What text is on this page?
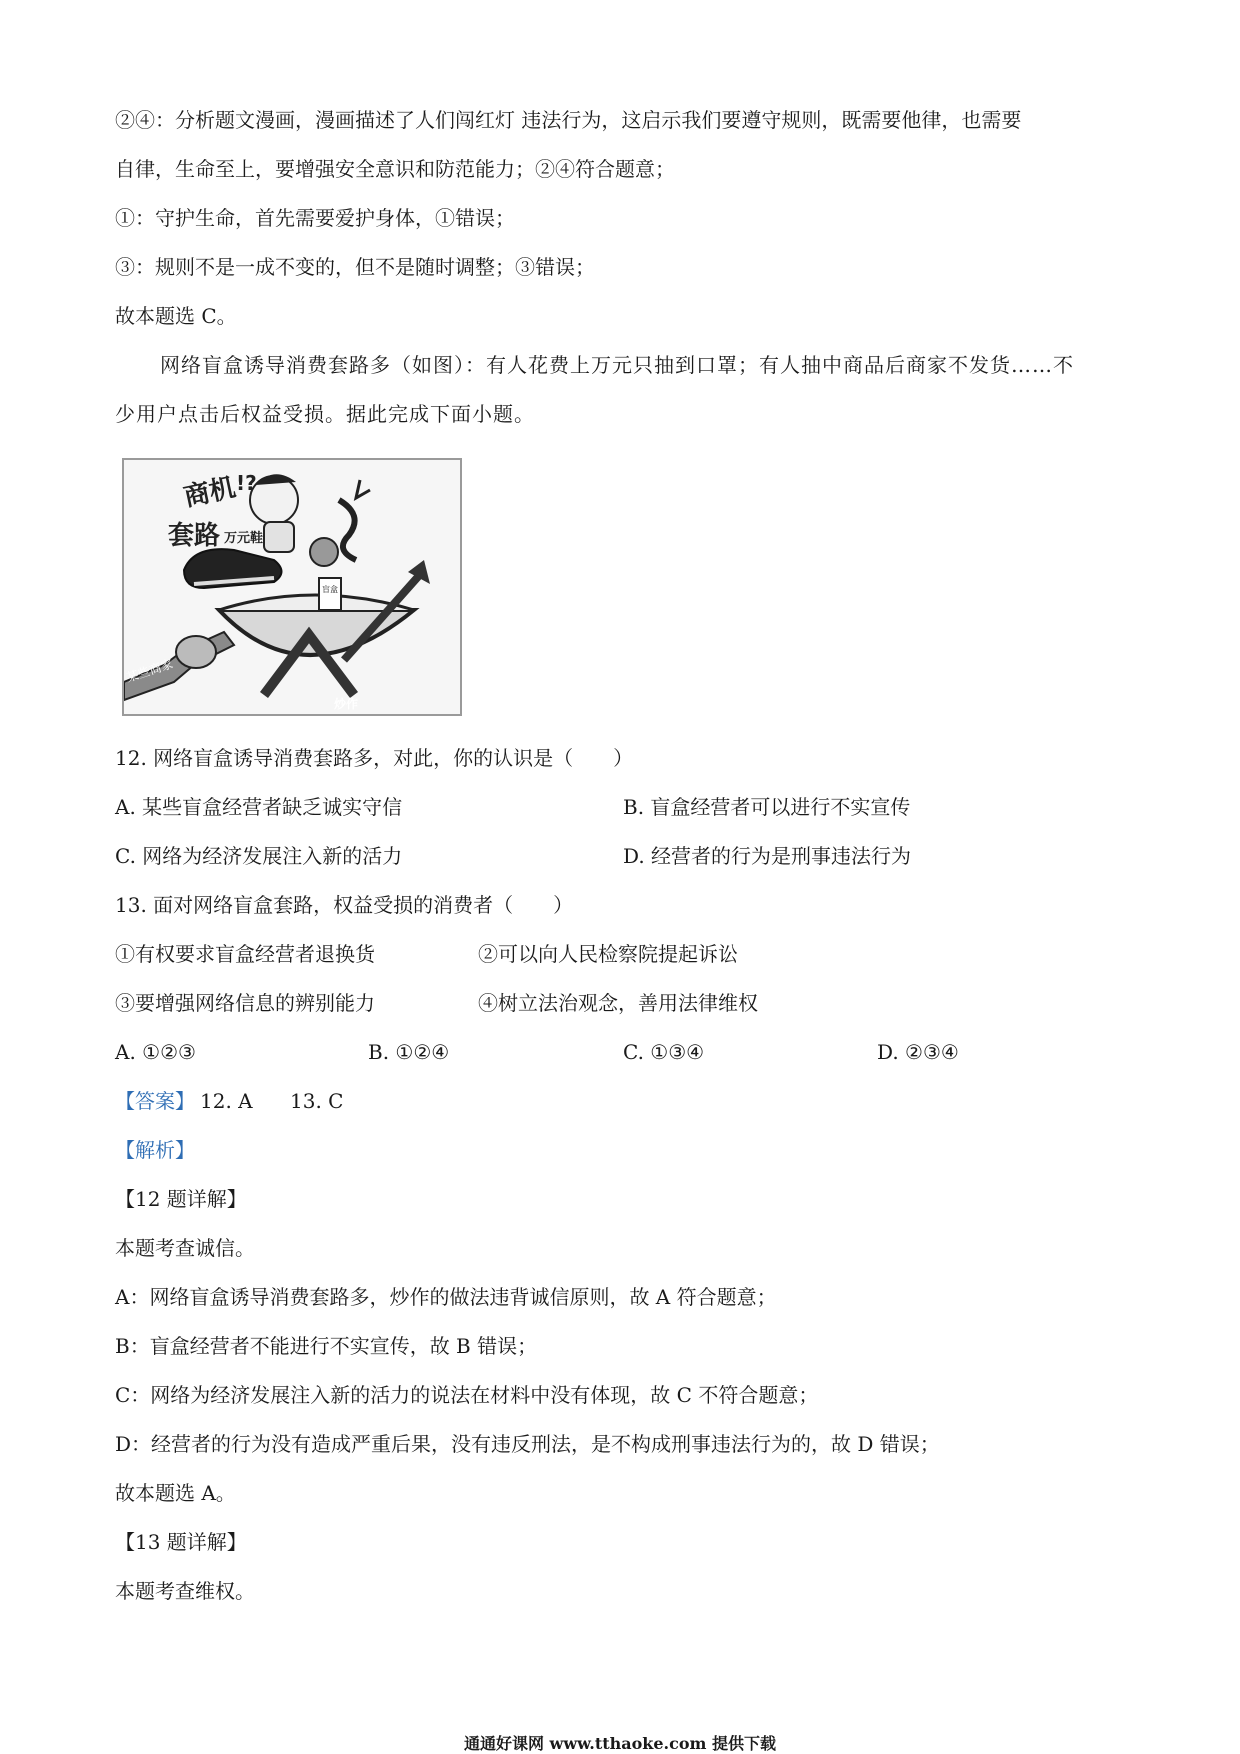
②④：分析题文漫画，漫画描述了人们闯红灯 违法行为，这启示我们要遵守规则，既需要他律，也需要
自律，生命至上，要增强安全意识和防范能力；②④符合题意；
①：守护生命，首先需要爱护身体，①错误；
③：规则不是一成不变的，但不是随时调整；③错误；
故本题选 C。
网络盲盒诱导消费套路多（如图）：有人花费上万元只抽到口罩；有人抽中商品后商家不发货……不
少用户点击后权益受损。据此完成下面小题。
商机
套路 万元鞋
!?
盲盒
某些商家
炒作
12. 网络盲盒诱导消费套路多，对此，你的认识是（　　）
A. 某些盲盒经营者缺乏诚实守信	B. 盲盒经营者可以进行不实宣传
C. 网络为经济发展注入新的活力	D. 经营者的行为是刑事违法行为
13. 面对网络盲盒套路，权益受损的消费者（　　）
①有权要求盲盒经营者退换货	②可以向人民检察院提起诉讼
③要增强网络信息的辨别能力	④树立法治观念，善用法律维权
A. ①②③	B. ①②④	C. ①③④	D. ②③④
【答案】 12. A 13. C
【解析】
【12 题详解】
本题考查诚信。
A：网络盲盒诱导消费套路多，炒作的做法违背诚信原则，故 A 符合题意；
B：盲盒经营者不能进行不实宣传，故 B 错误；
C：网络为经济发展注入新的活力的说法在材料中没有体现，故 C 不符合题意；
D：经营者的行为没有造成严重后果，没有违反刑法，是不构成刑事违法行为的，故 D 错误；
故本题选 A。
【13 题详解】
本题考查维权。
通通好课网 www.tthaoke.com 提供下载
